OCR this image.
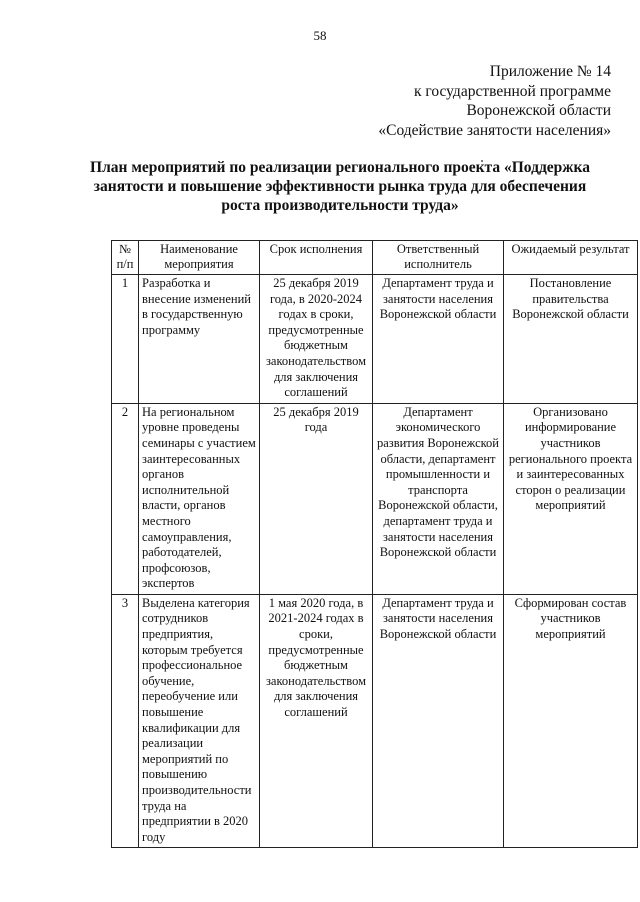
58
Приложение № 14
к государственной программе
Воронежской области
«Содействие занятости населения»
План мероприятий по реализации регионального проекта «Поддержка
занятости и повышение эффективности рынка труда для обеспечения
роста производительности труда»
№ п/п	Наименование мероприятия	Срок исполнения	Ответственный исполнитель	Ожидаемый результат
1	Разработка и внесение изменений в государственную программу	25 декабря 2019 года, в 2020-2024 годах в сроки, предусмотренные бюджетным законодательством для заключения соглашений	Департамент труда и занятости населения Воронежской области	Постановление правительства Воронежской области
2	На региональном уровне проведены семинары с участием заинтересованных органов исполнительной власти, органов местного самоуправления, работодателей, профсоюзов, экспертов	25 декабря 2019 года	Департамент экономического развития Воронежской области, департамент промышленности и транспорта Воронежской области, департамент труда и занятости населения Воронежской области	Организовано информирование участников регионального проекта и заинтересованных сторон о реализации мероприятий
3	Выделена категория сотрудников предприятия, которым требуется профессиональное обучение, переобучение или повышение квалификации для реализации мероприятий по повышению производительности труда на предприятии в 2020 году	1 мая 2020 года, в 2021-2024 годах в сроки, предусмотренные бюджетным законодательством для заключения соглашений	Департамент труда и занятости населения Воронежской области	Сформирован состав участников мероприятий
